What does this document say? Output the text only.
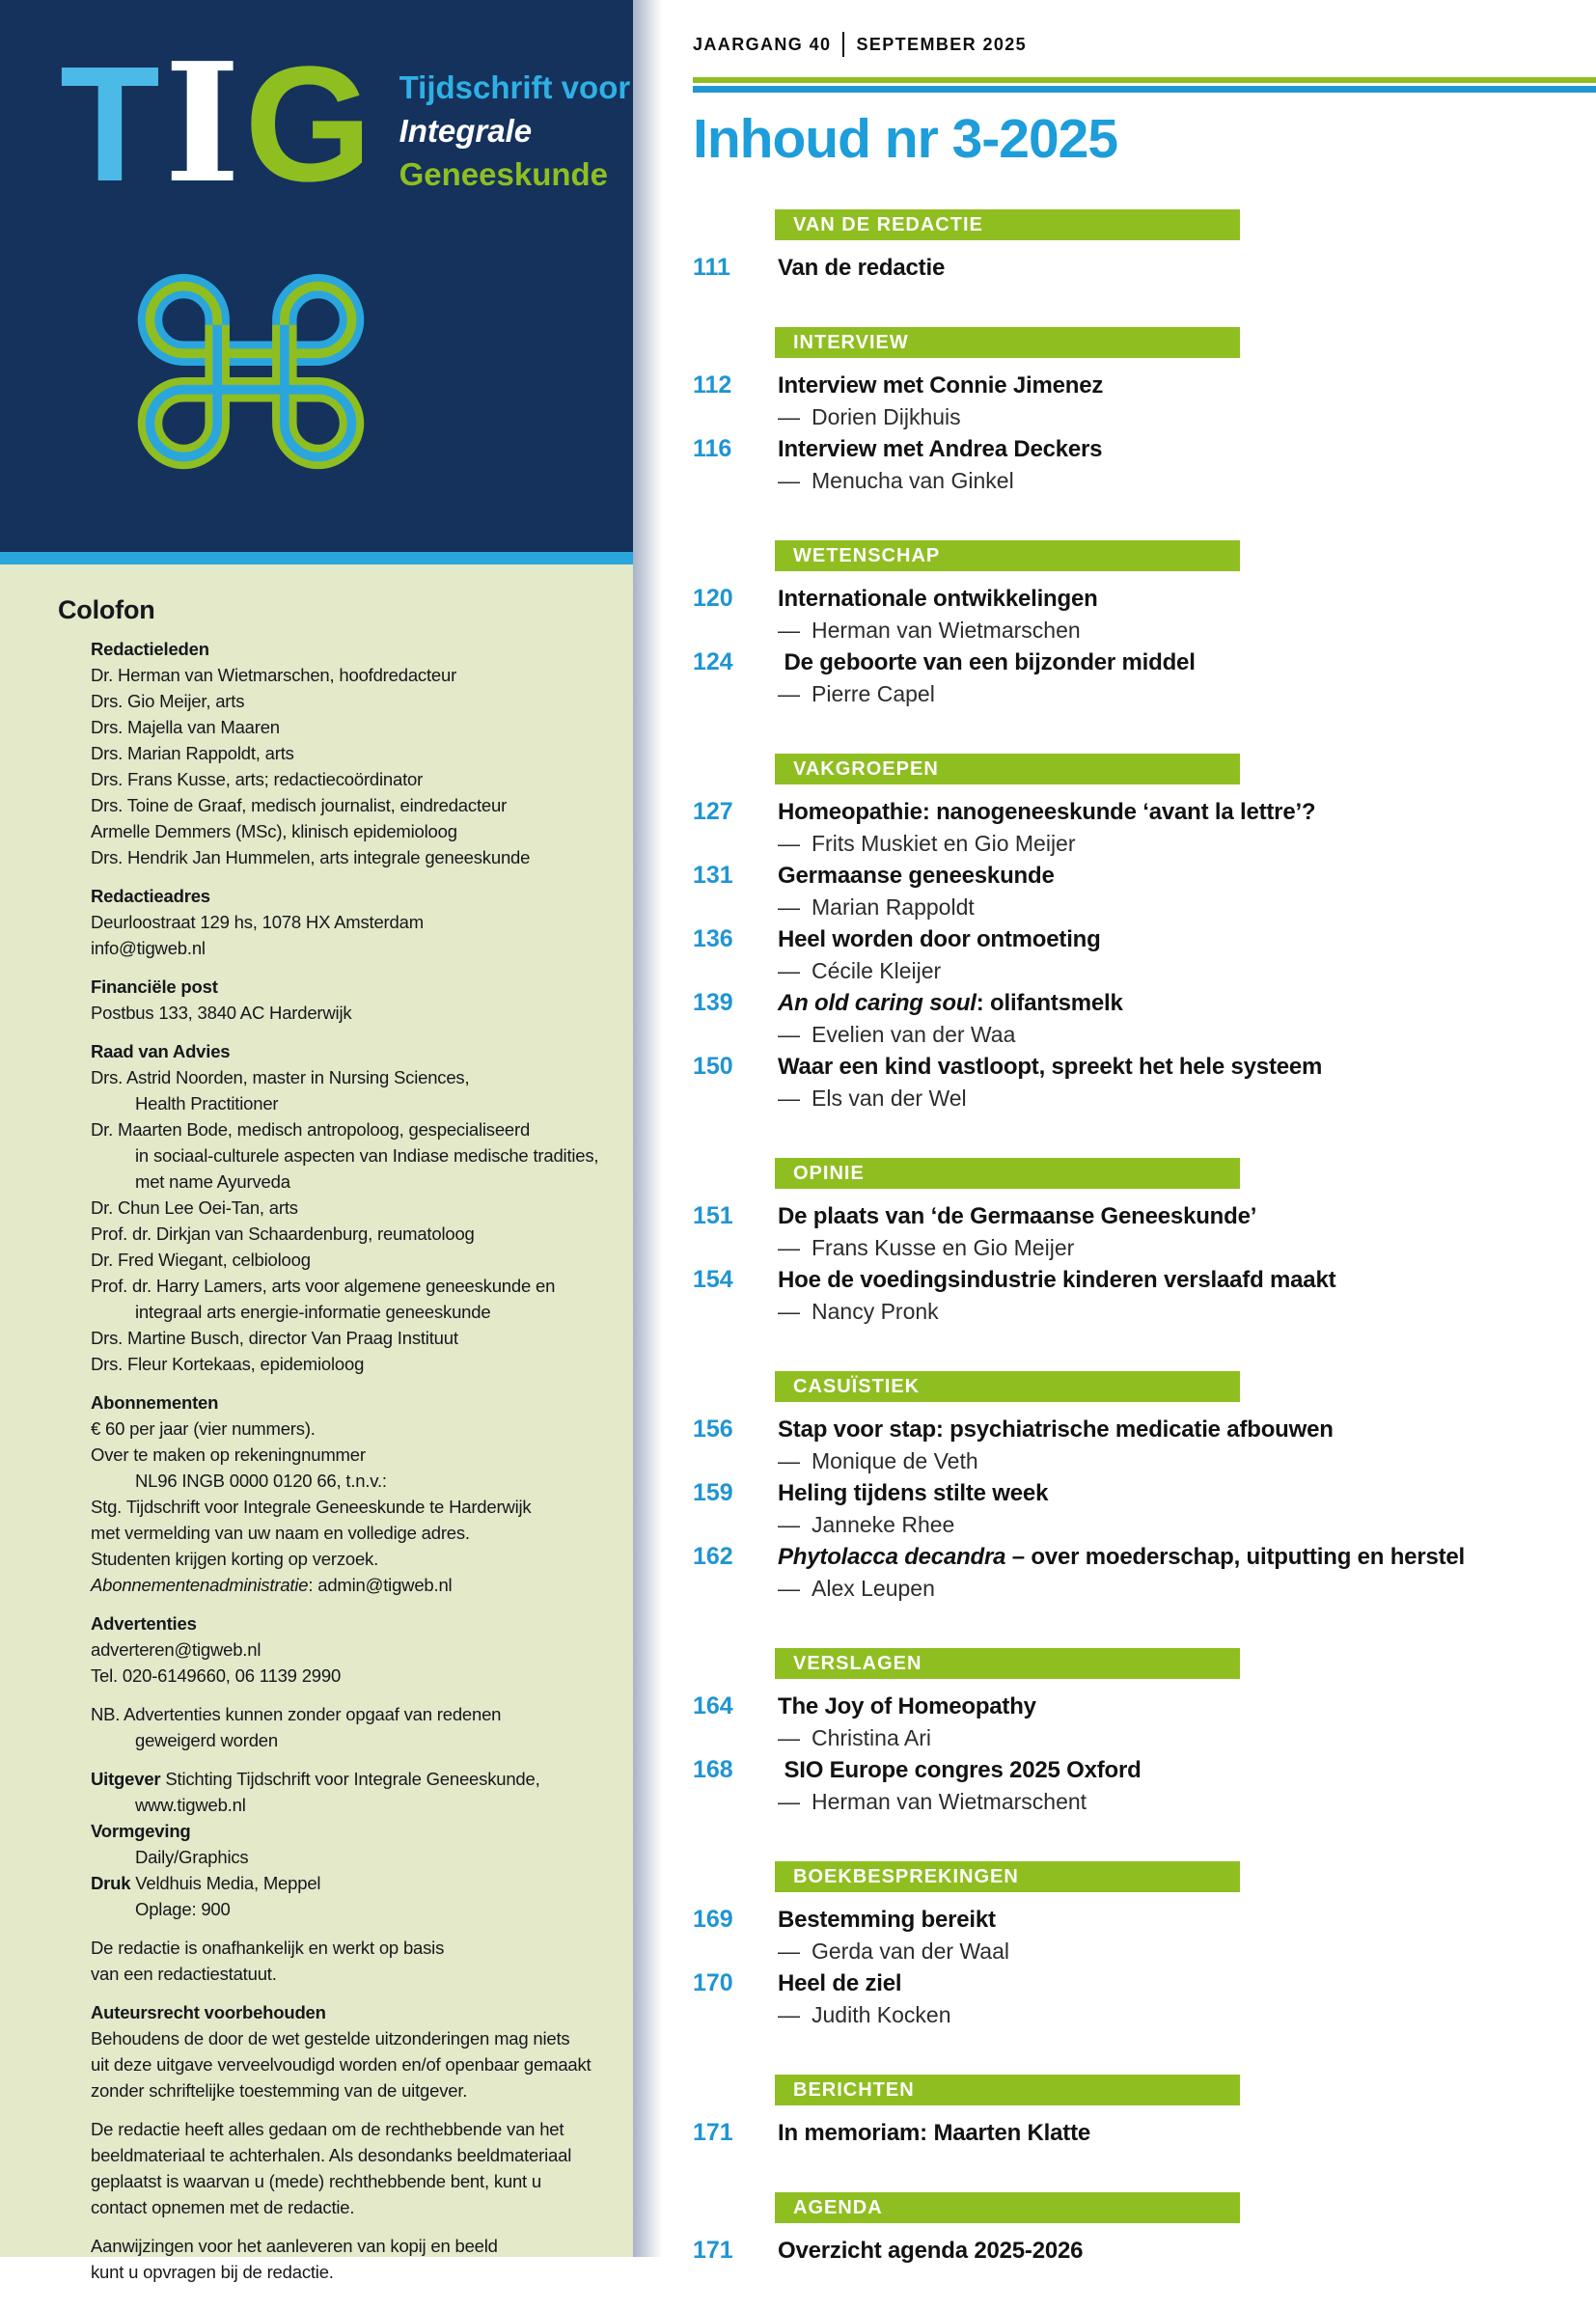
TIG Tijdschrift voor
Integrale
Geneeskunde
Colofon
Redactieleden
Dr. Herman van Wietmarschen, hoofdredacteur
Drs. Gio Meijer, arts
Drs. Majella van Maaren
Drs. Marian Rappoldt, arts
Drs. Frans Kusse, arts; redactiecoördinator
Drs. Toine de Graaf, medisch journalist, eindredacteur
Armelle Demmers (MSc), klinisch epidemioloog
Drs. Hendrik Jan Hummelen, arts integrale geneeskunde
Redactieadres
Deurloostraat 129 hs, 1078 HX Amsterdam
info@tigweb.nl
Financiële post
Postbus 133, 3840 AC Harderwijk
Raad van Advies
Drs. Astrid Noorden, master in Nursing Sciences,
Health Practitioner
Dr. Maarten Bode, medisch antropoloog, gespecialiseerd
in sociaal-culturele aspecten van Indiase medische tradities,
met name Ayurveda
Dr. Chun Lee Oei-Tan, arts
Prof. dr. Dirkjan van Schaardenburg, reumatoloog
Dr. Fred Wiegant, celbioloog
Prof. dr. Harry Lamers, arts voor algemene geneeskunde en
integraal arts energie-informatie geneeskunde
Drs. Martine Busch, director Van Praag Instituut
Drs. Fleur Kortekaas, epidemioloog
Abonnementen
€ 60 per jaar (vier nummers).
Over te maken op rekeningnummer
NL96 INGB 0000 0120 66, t.n.v.:
Stg. Tijdschrift voor Integrale Geneeskunde te Harderwijk
met vermelding van uw naam en volledige adres.
Studenten krijgen korting op verzoek.
Abonnementenadministratie: admin@tigweb.nl
Advertenties
adverteren@tigweb.nl
Tel. 020-6149660, 06 1139 2990
NB. Advertenties kunnen zonder opgaaf van redenen
geweigerd worden
Uitgever Stichting Tijdschrift voor Integrale Geneeskunde,
www.tigweb.nl
Vormgeving
Daily/Graphics
Druk Veldhuis Media, Meppel
Oplage: 900
De redactie is onafhankelijk en werkt op basis
van een redactiestatuut.
Auteursrecht voorbehouden
Behoudens de door de wet gestelde uitzonderingen mag niets
uit deze uitgave verveelvoudigd worden en/of openbaar gemaakt
zonder schriftelijke toestemming van de uitgever.
De redactie heeft alles gedaan om de rechthebbende van het
beeldmateriaal te achterhalen. Als desondanks beeldmateriaal
geplaatst is waarvan u (mede) rechthebbende bent, kunt u
contact opnemen met de redactie.
Aanwijzingen voor het aanleveren van kopij en beeld
kunt u opvragen bij de redactie.
JAARGANG 40 SEPTEMBER 2025
Inhoud nr 3-2025
VAN DE REDACTIE
111	Van de redactie
INTERVIEW
112	Interview met Connie Jimenez
— Dorien Dijkhuis
116	Interview met Andrea Deckers
— Menucha van Ginkel
WETENSCHAP
120	Internationale ontwikkelingen
— Herman van Wietmarschen
124	De geboorte van een bijzonder middel
— Pierre Capel
VAKGROEPEN
127	Homeopathie: nanogeneeskunde ‘avant la lettre’?
— Frits Muskiet en Gio Meijer
131	Germaanse geneeskunde
— Marian Rappoldt
136	Heel worden door ontmoeting
— Cécile Kleijer
139	An old caring soul: olifantsmelk
— Evelien van der Waa
150	Waar een kind vastloopt, spreekt het hele systeem
— Els van der Wel
OPINIE
151	De plaats van ‘de Germaanse Geneeskunde’
— Frans Kusse en Gio Meijer
154	Hoe de voedingsindustrie kinderen verslaafd maakt
— Nancy Pronk
CASUÏSTIEK
156	Stap voor stap: psychiatrische medicatie afbouwen
— Monique de Veth
159	Heling tijdens stilte week
— Janneke Rhee
162	Phytolacca decandra – over moederschap, uitputting en herstel
— Alex Leupen
VERSLAGEN
164	The Joy of Homeopathy
— Christina Ari
168	SIO Europe congres 2025 Oxford
— Herman van Wietmarschent
BOEKBESPREKINGEN
169	Bestemming bereikt
— Gerda van der Waal
170	Heel de ziel
— Judith Kocken
BERICHTEN
171	In memoriam: Maarten Klatte
AGENDA
171	Overzicht agenda 2025-2026
